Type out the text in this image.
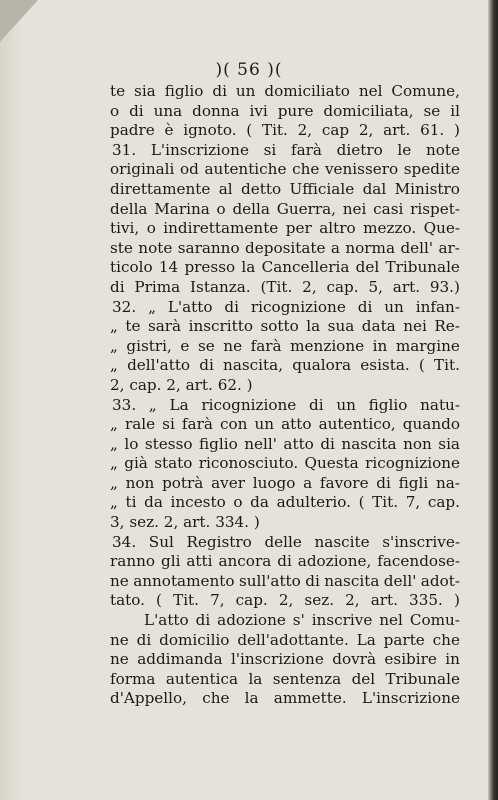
)( 56 )(
te sia figlio di un domiciliato nel Comune,
o di una donna ivi pure domiciliata, se il
padre è ignoto. ( Tit. 2, cap 2, art. 61. )
31. L'inscrizione si farà dietro le note
originali od autentiche che venissero spedite
direttamente al detto Ufficiale dal Ministro
della Marina o della Guerra, nei casi rispet-
tivi, o indirettamente per altro mezzo. Que-
ste note saranno depositate a norma dell' ar-
ticolo 14 presso la Cancelleria del Tribunale
di Prima Istanza. (Tit. 2, cap. 5, art. 93.)
32. „ L'atto di ricognizione di un infan-
„ te sarà inscritto sotto la sua data nei Re-
„ gistri, e se ne farà menzione in margine
„ dell'atto di nascita, qualora esista. ( Tit.
2, cap. 2, art. 62. )
33. „ La ricognizione di un figlio natu-
„ rale si farà con un atto autentico, quando
„ lo stesso figlio nell' atto di nascita non sia
„ già stato riconosciuto. Questa ricognizione
„ non potrà aver luogo a favore di figli na-
„ ti da incesto o da adulterio. ( Tit. 7, cap.
3, sez. 2, art. 334. )
34. Sul Registro delle nascite s'inscrive-
ranno gli atti ancora di adozione, facendose-
ne annotamento sull'atto di nascita dell' adot-
tato. ( Tit. 7, cap. 2, sez. 2, art. 335. )
L'atto di adozione s' inscrive nel Comu-
ne di domicilio dell'adottante. La parte che
ne addimanda l'inscrizione dovrà esibire in
forma autentica la sentenza del Tribunale
d'Appello, che la ammette. L'inscrizione
